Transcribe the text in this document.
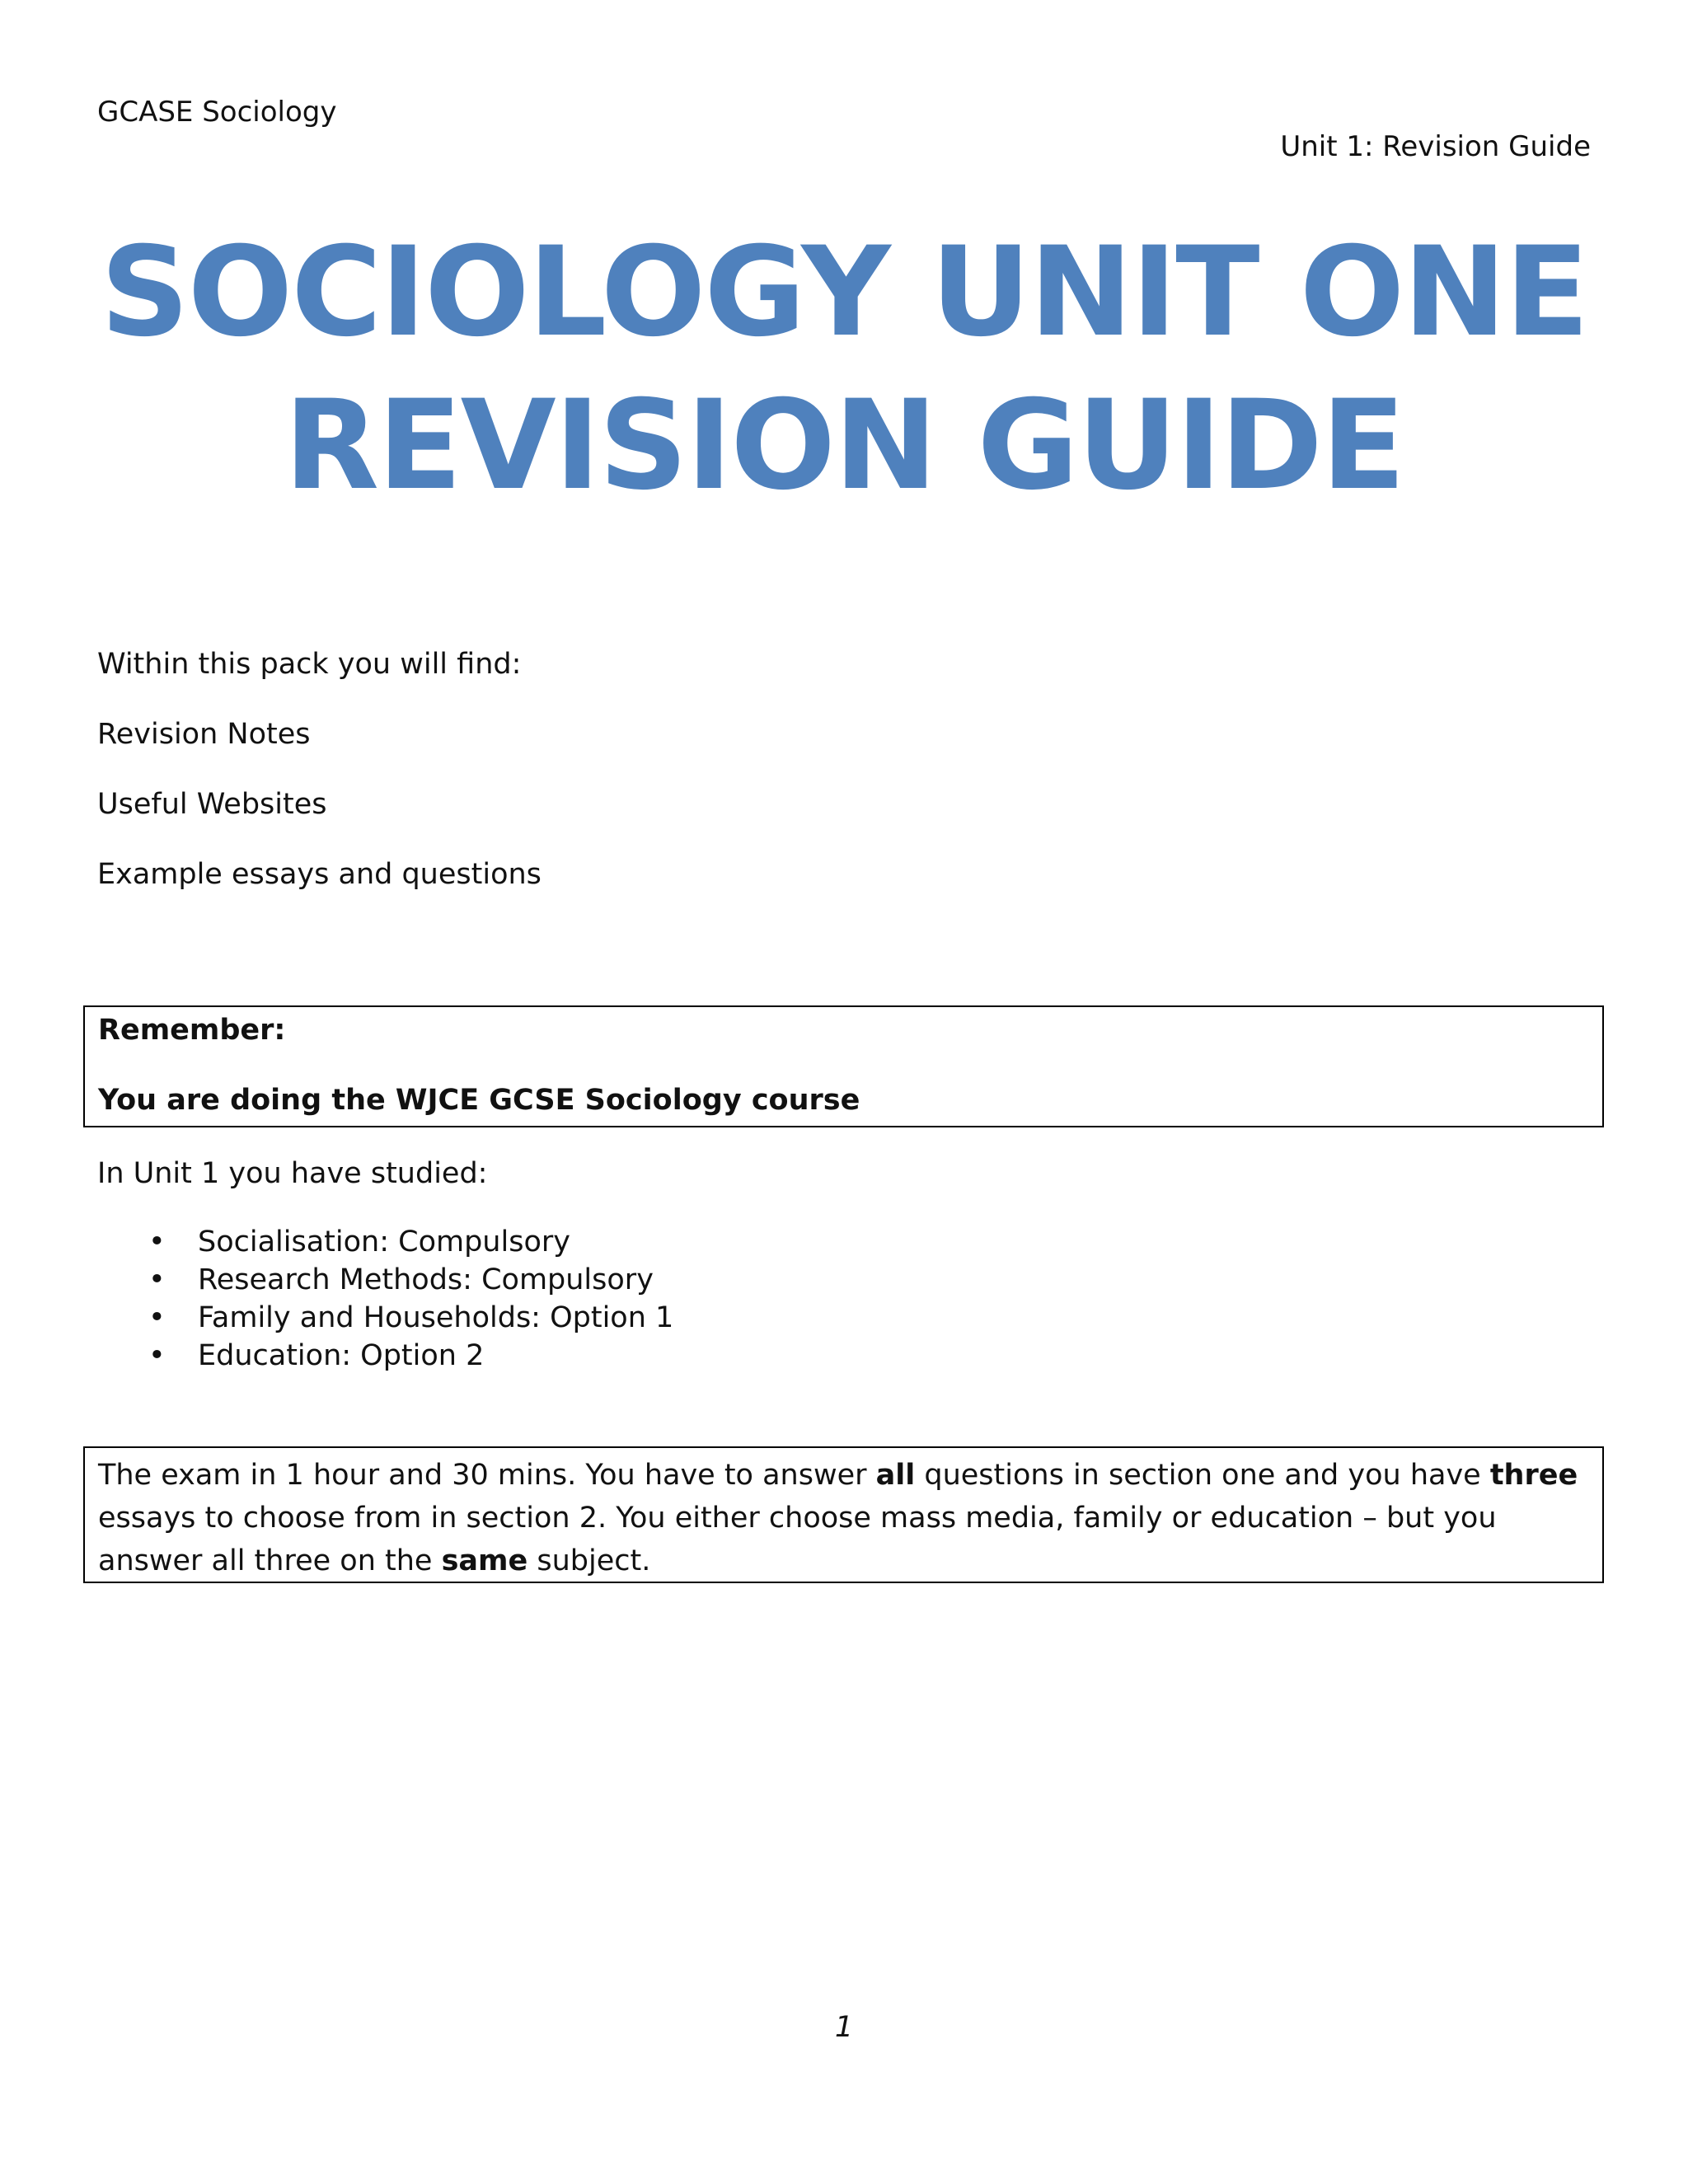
GCASE Sociology
Unit 1: Revision Guide
SOCIOLOGY UNIT ONE
REVISION GUIDE

Within this pack you will find:

Revision Notes

Useful Websites

Example essays and questions

Remember:
You are doing the WJCE GCSE Sociology course
In Unit 1 you have studied:
• Socialisation: Compulsory
• Research Methods: Compulsory
• Family and Households: Option 1
• Education: Option 2
The exam in 1 hour and 30 mins. You have to answer all questions in section one and you have three essays to choose from in section 2. You either choose mass media, family or education – but you answer all three on the same subject.
1
